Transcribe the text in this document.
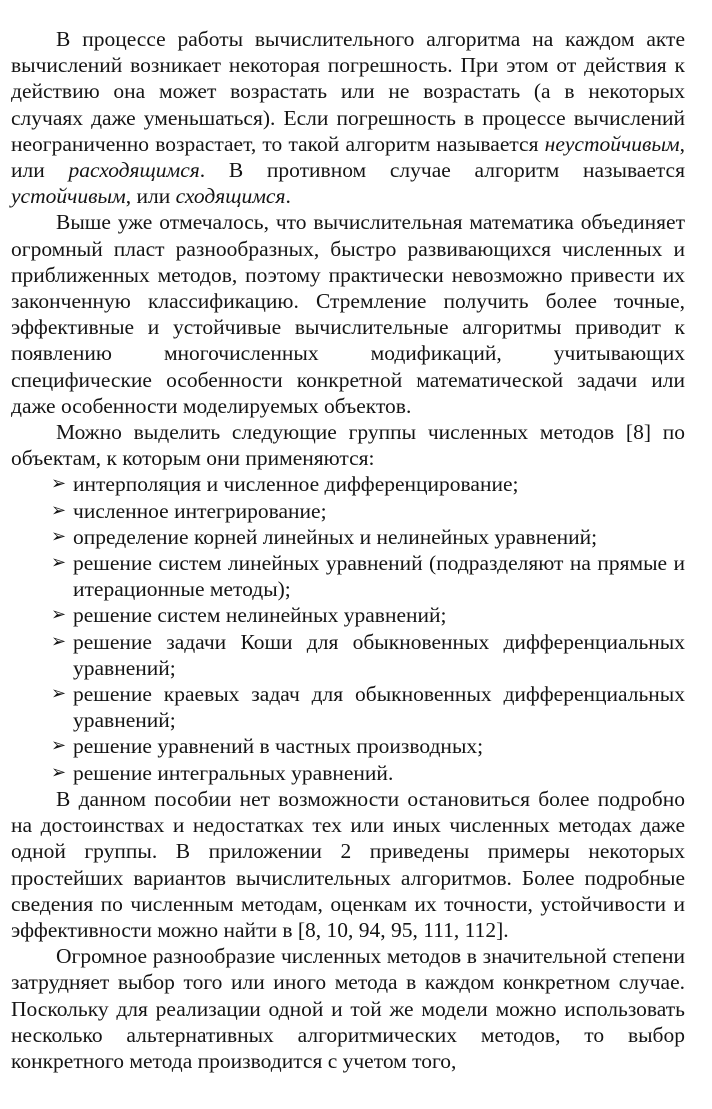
В процессе работы вычислительного алгоритма на каждом акте вычислений возникает некоторая погрешность. При этом от действия к действию она может возрастать или не возрастать (а в некоторых случаях даже уменьшаться). Если погрешность в процессе вычислений неограниченно возрастает, то такой алгоритм называется неустойчивым, или расходящимся. В противном случае алгоритм называется устойчивым, или сходящимся.

Выше уже отмечалось, что вычислительная математика объединяет огромный пласт разнообразных, быстро развивающихся численных и приближенных методов, поэтому практически невозможно привести их законченную классификацию. Стремление получить более точные, эффективные и устойчивые вычислительные алгоритмы приводит к появлению многочисленных модификаций, учитывающих специфические особенности конкретной математической задачи или даже особенности моделируемых объектов.

Можно выделить следующие группы численных методов [8] по объектам, к которым они применяются:

➢ интерполяция и численное дифференцирование;
➢ численное интегрирование;
➢ определение корней линейных и нелинейных уравнений;
➢ решение систем линейных уравнений (подразделяют на прямые и итерационные методы);
➢ решение систем нелинейных уравнений;
➢ решение задачи Коши для обыкновенных дифференциальных уравнений;
➢ решение краевых задач для обыкновенных дифференциальных уравнений;
➢ решение уравнений в частных производных;
➢ решение интегральных уравнений.

В данном пособии нет возможности остановиться более подробно на достоинствах и недостатках тех или иных численных методах даже одной группы. В приложении 2 приведены примеры некоторых простейших вариантов вычислительных алгоритмов. Более подробные сведения по численным методам, оценкам их точности, устойчивости и эффективности можно найти в [8, 10, 94, 95, 111, 112].

Огромное разнообразие численных методов в значительной степени затрудняет выбор того или иного метода в каждом конкретном случае. Поскольку для реализации одной и той же модели можно использовать несколько альтернативных алгоритмических методов, то выбор конкретного метода производится с учетом того,
